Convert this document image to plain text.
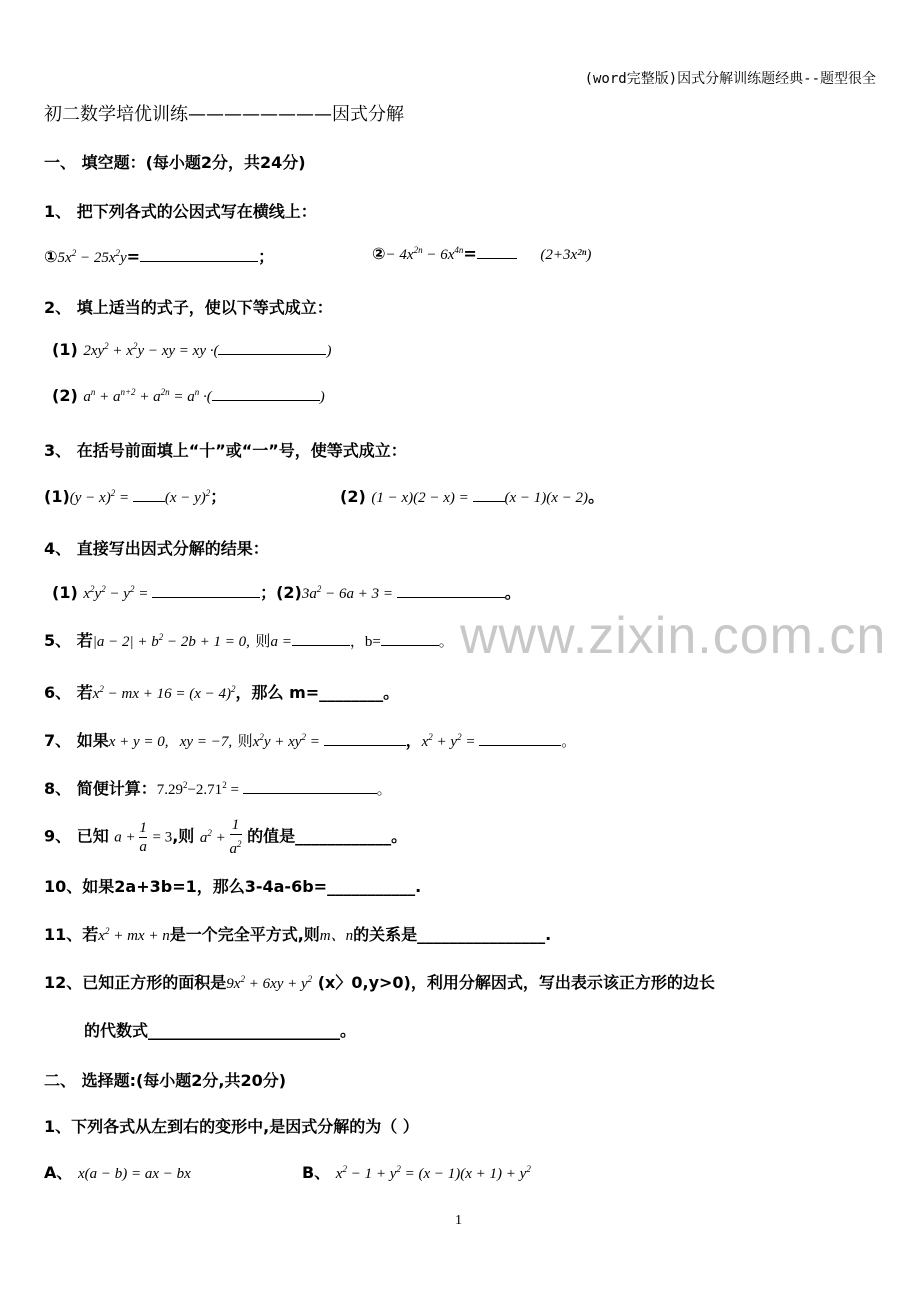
(word完整版)因式分解训练题经典--题型很全
初二数学培优训练————————因式分解
一、 填空题：(每小题2分，共24分)
1、 把下列各式的公因式写在横线上：
$①5x^2 - 25x^2y=$	；	②− $4x^{2n} - 6x^{4n}=$	(2+3x²ⁿ)
2、 填上适当的式子，使以下等式成立：
(1) $2xy^2 + x^2y$ − xy = xy ·(	)
(2) $a^n + a^{n+2} + a^{2n} = a^n$ ·(	)
3、 在括号前面填上“十”或“一”号，使等式成立：
$(1)(y - x)^2 = (x - y)^2$；	(2) (1 − x)(2 − x) = (x − 1)(x − 2)。
4、 直接写出因式分解的结果：
(1) $x^2y^2 - y^2$ =	；$(2)3a^2 - 6a + 3$ =	。
www.zixin.com.cn
5、 若$|a - 2| + b^2 - 2b + 1 = 0$, 则a =	，b=	。
6、 若$x^2$ − mx + $16 = (x - 4)^2$，那么 m=________。
7、 如果x + y = 0,   xy = −7, 则$x^2y + xy^2$ =	，$x^2 + y^2$ =	。
8、 简便计算：$7.29^2-2.71^2$ =	。
9、 已知 a + 1

a
= 3,则 $a^2 + 1$

$a^2$ 的值是____________。
10、如果2a+3b=1，那么3-4a-6b=___________.
11、若$x^2$ + mx + n是一个完全平方式,则m、n的关系是________________.
12、已知正方形的面积是$9x^2 + 6xy + y^2$ (x〉0,y>0)，利用分解因式，写出表示该正方形的边长
的代数式________________________。
二、 选择题:(每小题2分,共20分)
1、下列各式从左到右的变形中,是因式分解的为（ ）
A、 x(a − b) = ax − bx	B、 $x^2 - 1 + y^2 = (x - 1)(x + 1) + y^2$
1
